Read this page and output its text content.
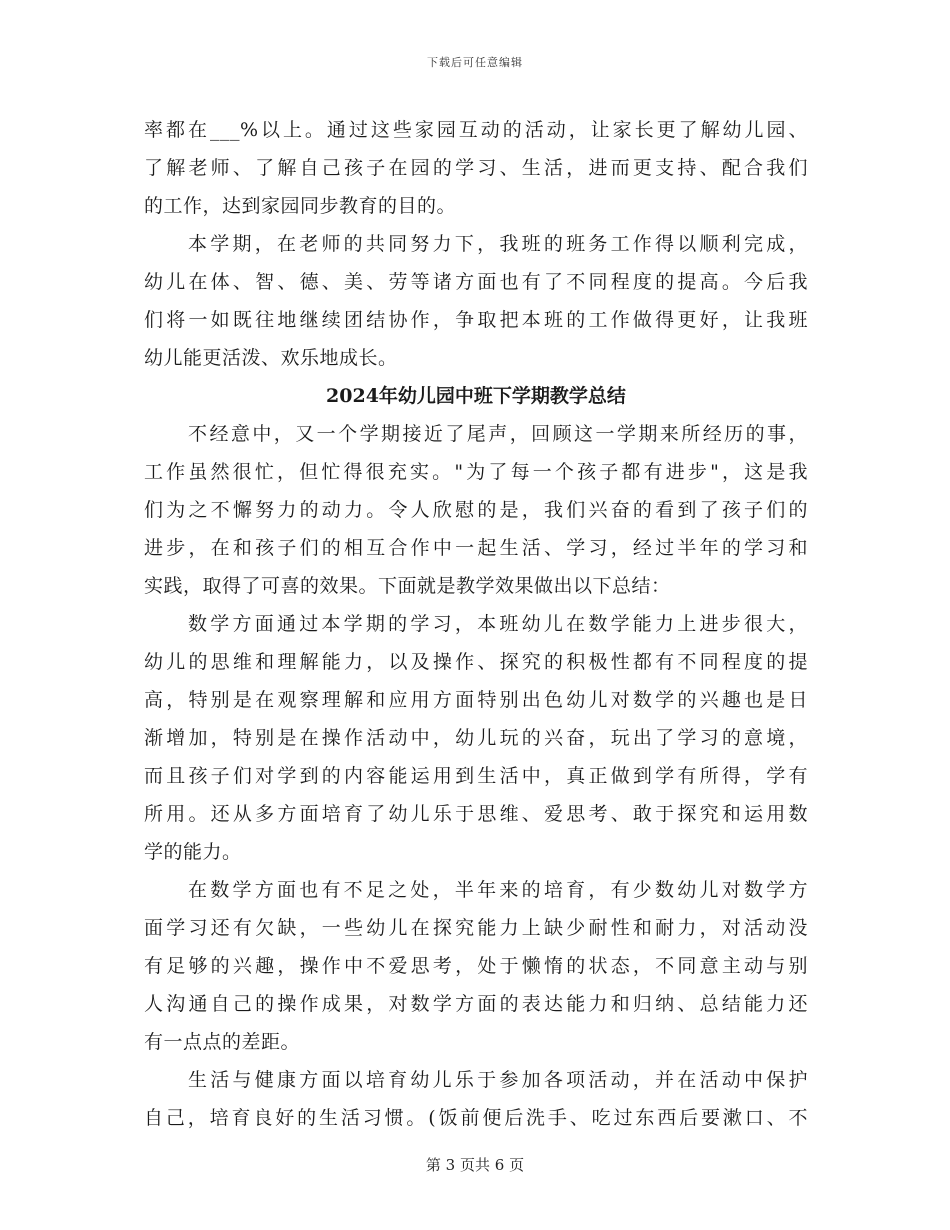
下载后可任意编辑
率都在___%以上。通过这些家园互动的活动，让家长更了解幼儿园、
了解老师、了解自己孩子在园的学习、生活，进而更支持、配合我们
的工作，达到家园同步教育的目的。
本学期，在老师的共同努力下，我班的班务工作得以顺利完成，
幼儿在体、智、德、美、劳等诸方面也有了不同程度的提高。今后我
们将一如既往地继续团结协作，争取把本班的工作做得更好，让我班
幼儿能更活泼、欢乐地成长。
2024年幼儿园中班下学期教学总结
不经意中，又一个学期接近了尾声，回顾这一学期来所经历的事，
工作虽然很忙，但忙得很充实。"为了每一个孩子都有进步"，这是我
们为之不懈努力的动力。令人欣慰的是，我们兴奋的看到了孩子们的
进步，在和孩子们的相互合作中一起生活、学习，经过半年的学习和
实践，取得了可喜的效果。下面就是教学效果做出以下总结：
数学方面通过本学期的学习，本班幼儿在数学能力上进步很大，
幼儿的思维和理解能力，以及操作、探究的积极性都有不同程度的提
高，特别是在观察理解和应用方面特别出色幼儿对数学的兴趣也是日
渐增加，特别是在操作活动中，幼儿玩的兴奋，玩出了学习的意境，
而且孩子们对学到的内容能运用到生活中，真正做到学有所得，学有
所用。还从多方面培育了幼儿乐于思维、爱思考、敢于探究和运用数
学的能力。
在数学方面也有不足之处，半年来的培育，有少数幼儿对数学方
面学习还有欠缺，一些幼儿在探究能力上缺少耐性和耐力，对活动没
有足够的兴趣，操作中不爱思考，处于懒惰的状态，不同意主动与别
人沟通自己的操作成果，对数学方面的表达能力和归纳、总结能力还
有一点点的差距。
生活与健康方面以培育幼儿乐于参加各项活动，并在活动中保护
自己，培育良好的生活习惯。(饭前便后洗手、吃过东西后要漱口、不
第 3 页共 6 页
